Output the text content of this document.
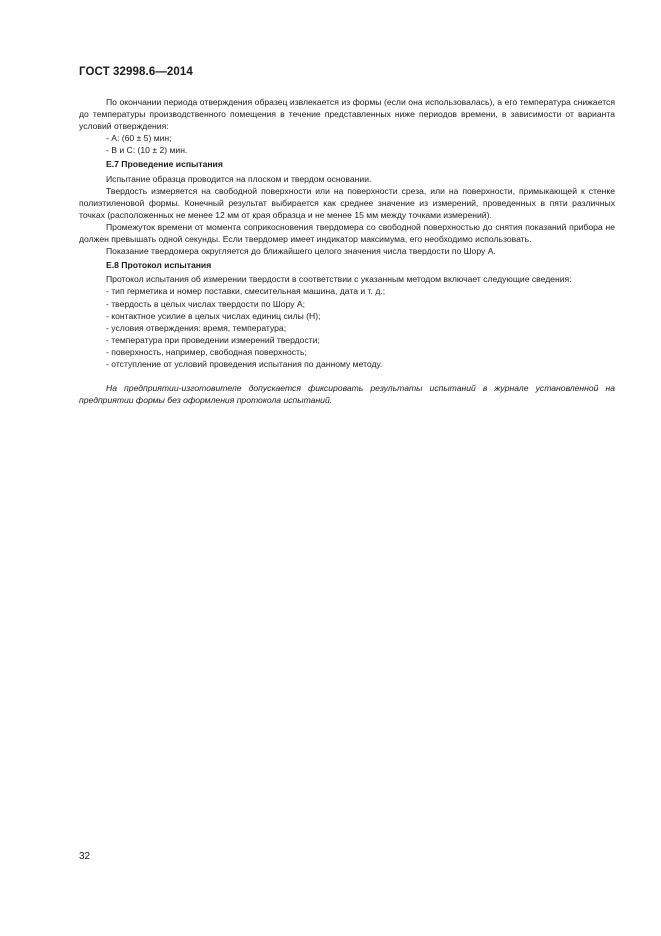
ГОСТ 32998.6—2014

По окончании периода отверждения образец извлекается из формы (если она использовалась), а его температура снижается до температуры производственного помещения в течение представленных ниже периодов времени, в зависимости от варианта условий отверждения:

- А: (60 ± 5) мин;

- В и С: (10 ± 2) мин.

Е.7 Проведение испытания

Испытание образца проводится на плоском и твердом основании.

Твердость измеряется на свободной поверхности или на поверхности среза, или на поверхности, примыкающей к стенке полиэтиленовой формы. Конечный результат выбирается как среднее значение из измерений, проведенных в пяти различных точках (расположенных не менее 12 мм от края образца и не менее 15 мм между точками измерений).

Промежуток времени от момента соприкосновения твердомера со свободной поверхностью до снятия показаний прибора не должен превышать одной секунды. Если твердомер имеет индикатор максимума, его необходимо использовать.

Показание твердомера округляется до ближайшего целого значения числа твердости по Шору А.

Е.8 Протокол испытания

Протокол испытания об измерении твердости в соответствии с указанным методом включает следующие сведения:

- тип герметика и номер поставки, смесительная машина, дата и т. д.;

- твердость в целых числах твердости по Шору А;

- контактное усилие в целых числах единиц силы (Н);

- условия отверждения: время, температура;

- температура при проведении измерений твердости;

- поверхность, например, свободная поверхность;

- отступление от условий проведения испытания по данному методу.

На предприятии-изготовителе допускается фиксировать результаты испытаний в журнале установленной на предприятии формы без оформления протокола испытаний.

32
